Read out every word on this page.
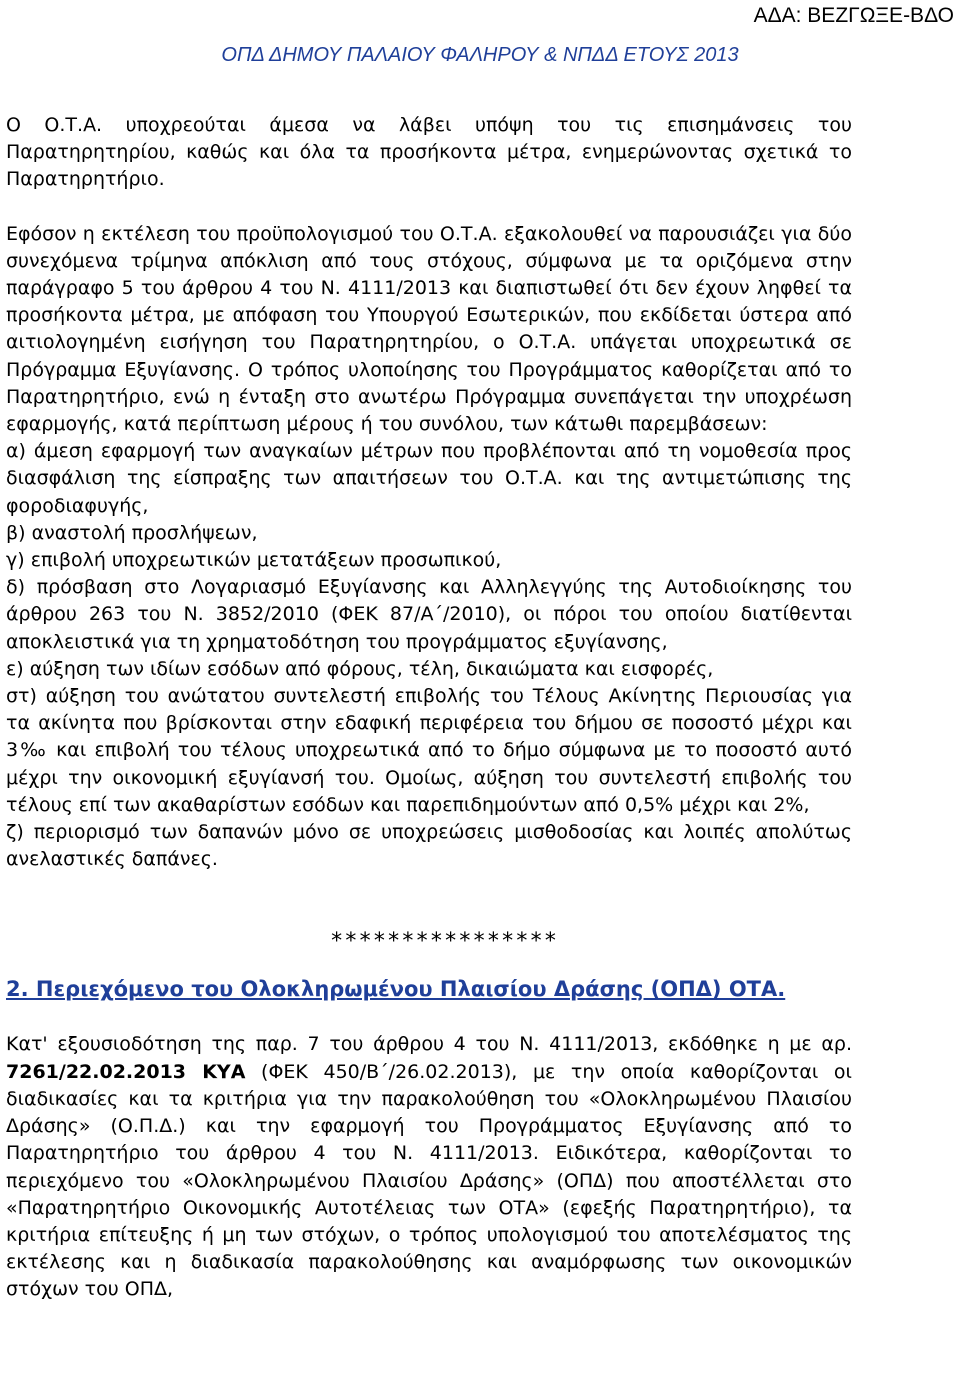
ΑΔΑ: ΒΕΖΓΩΞΕ-ΒΔΟ
ΟΠΔ ΔΗΜΟΥ ΠΑΛΑΙΟΥ ΦΑΛΗΡΟΥ & ΝΠΔΔ ΕΤΟΥΣ 2013

Ο Ο.Τ.Α. υποχρεούται άμεσα να λάβει υπόψη του τις επισημάνσεις του Παρατηρητηρίου, καθώς και όλα τα προσήκοντα μέτρα, ενημερώνοντας σχετικά το Παρατηρητήριο.

Εφόσον η εκτέλεση του προϋπολογισμού του Ο.Τ.Α. εξακολουθεί να παρουσιάζει για δύο συνεχόμενα τρίμηνα απόκλιση από τους στόχους, σύμφωνα με τα οριζόμενα στην παράγραφο 5 του άρθρου 4 του Ν. 4111/2013 και διαπιστωθεί ότι δεν έχουν ληφθεί τα προσήκοντα μέτρα, με απόφαση του Υπουργού Εσωτερικών, που εκδίδεται ύστερα από αιτιολογημένη εισήγηση του Παρατηρητηρίου, ο Ο.Τ.Α. υπάγεται υποχρεωτικά σε Πρόγραμμα Εξυγίανσης. Ο τρόπος υλοποίησης του Προγράμματος καθορίζεται από το Παρατηρητήριο, ενώ η ένταξη στο ανωτέρω Πρόγραμμα συνεπάγεται την υποχρέωση εφαρμογής, κατά περίπτωση μέρους ή του συνόλου, των κάτωθι παρεμβάσεων:

α) άμεση εφαρμογή των αναγκαίων μέτρων που προβλέπονται από τη νομοθεσία προς διασφάλιση της είσπραξης των απαιτήσεων του Ο.Τ.Α. και της αντιμετώπισης της φοροδιαφυγής,

β) αναστολή προσλήψεων,

γ) επιβολή υποχρεωτικών μετατάξεων προσωπικού,

δ) πρόσβαση στο Λογαριασμό Εξυγίανσης και Αλληλεγγύης της Αυτοδιοίκησης του άρθρου 263 του Ν. 3852/2010 (ΦΕΚ 87/Α΄/2010), οι πόροι του οποίου διατίθενται αποκλειστικά για τη χρηματοδότηση του προγράμματος εξυγίανσης,

ε) αύξηση των ιδίων εσόδων από φόρους, τέλη, δικαιώματα και εισφορές,

στ) αύξηση του ανώτατου συντελεστή επιβολής του Τέλους Ακίνητης Περιουσίας για τα ακίνητα που βρίσκονται στην εδαφική περιφέρεια του δήμου σε ποσοστό μέχρι και 3‰ και επιβολή του τέλους υποχρεωτικά από το δήμο σύμφωνα με το ποσοστό αυτό μέχρι την οικονομική εξυγίανσή του. Ομοίως, αύξηση του συντελεστή επιβολής του τέλους επί των ακαθαρίστων εσόδων και παρεπιδημούντων από 0,5% μέχρι και 2%,

ζ) περιορισμό των δαπανών μόνο σε υποχρεώσεις μισθοδοσίας και λοιπές απολύτως ανελαστικές δαπάνες.

****************

2. Περιεχόμενο του Ολοκληρωμένου Πλαισίου Δράσης (ΟΠΔ) ΟΤΑ.

Κατ' εξουσιοδότηση της παρ. 7 του άρθρου 4 του Ν. 4111/2013, εκδόθηκε η με αρ. 7261/22.02.2013 ΚΥΑ (ΦΕΚ 450/Β΄/26.02.2013), με την οποία καθορίζονται οι διαδικασίες και τα κριτήρια για την παρακολούθηση του «Ολοκληρωμένου Πλαισίου Δράσης» (Ο.Π.Δ.) και την εφαρμογή του Προγράμματος Εξυγίανσης από το Παρατηρητήριο του άρθρου 4 του Ν. 4111/2013. Ειδικότερα, καθορίζονται το περιεχόμενο του «Ολοκληρωμένου Πλαισίου Δράσης» (ΟΠΔ) που αποστέλλεται στο «Παρατηρητήριο Οικονομικής Αυτοτέλειας των ΟΤΑ» (εφεξής Παρατηρητήριο), τα κριτήρια επίτευξης ή μη των στόχων, ο τρόπος υπολογισμού του αποτελέσματος της εκτέλεσης και η διαδικασία παρακολούθησης και αναμόρφωσης των οικονομικών στόχων του ΟΠΔ,
